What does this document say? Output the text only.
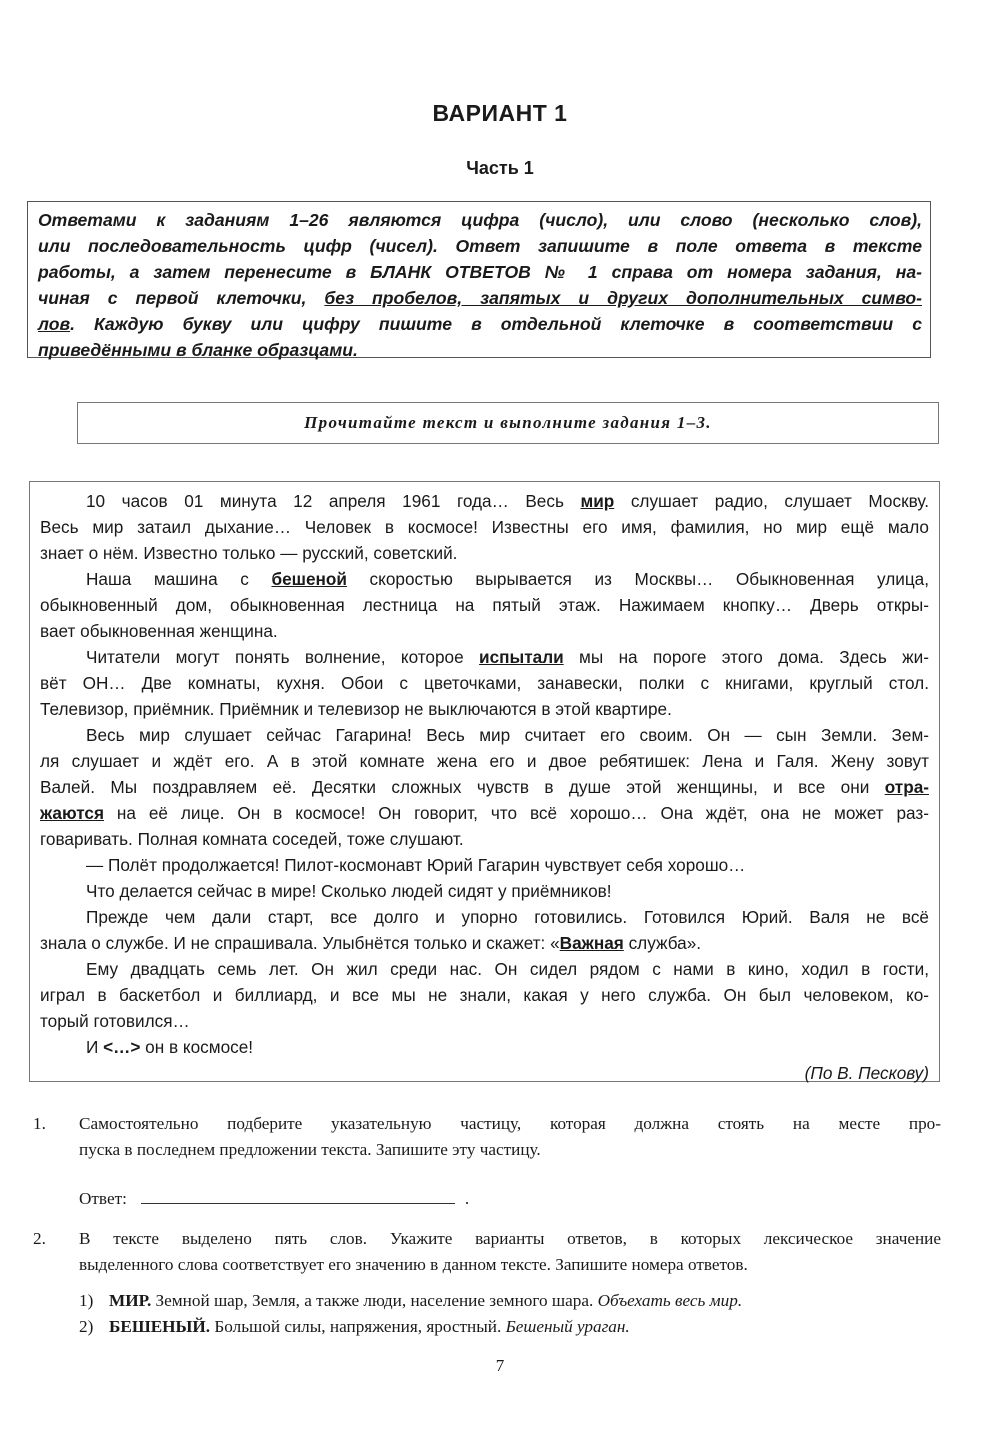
ВАРИАНТ 1
Часть 1
Ответами к заданиям 1–26 являются цифра (число), или слово (несколько слов),
или последовательность цифр (чисел). Ответ запишите в поле ответа в тексте
работы, а затем перенесите в БЛАНК ОТВЕТОВ № 1 справа от номера задания, на-
чиная с первой клеточки, без пробелов, запятых и других дополнительных симво-
лов. Каждую букву или цифру пишите в отдельной клеточке в соответствии с
приведёнными в бланке образцами.
Прочитайте текст и выполните задания 1–3.
10 часов 01 минута 12 апреля 1961 года… Весь мир слушает радио, слушает Москву.
Весь мир затаил дыхание… Человек в космосе! Известны его имя, фамилия, но мир ещё мало
знает о нём. Известно только — русский, советский.
Наша машина с бешеной скоростью вырывается из Москвы… Обыкновенная улица,
обыкновенный дом, обыкновенная лестница на пятый этаж. Нажимаем кнопку… Дверь откры-
вает обыкновенная женщина.
Читатели могут понять волнение, которое испытали мы на пороге этого дома. Здесь жи-
вёт ОН… Две комнаты, кухня. Обои с цветочками, занавески, полки с книгами, круглый стол.
Телевизор, приёмник. Приёмник и телевизор не выключаются в этой квартире.
Весь мир слушает сейчас Гагарина! Весь мир считает его своим. Он — сын Земли. Зем-
ля слушает и ждёт его. А в этой комнате жена его и двое ребятишек: Лена и Галя. Жену зовут
Валей. Мы поздравляем её. Десятки сложных чувств в душе этой женщины, и все они отра-
жаются на её лице. Он в космосе! Он говорит, что всё хорошо… Она ждёт, она не может раз-
говаривать. Полная комната соседей, тоже слушают.
— Полёт продолжается! Пилот-космонавт Юрий Гагарин чувствует себя хорошо…
Что делается сейчас в мире! Сколько людей сидят у приёмников!
Прежде чем дали старт, все долго и упорно готовились. Готовился Юрий. Валя не всё
знала о службе. И не спрашивала. Улыбнётся только и скажет: «Важная служба».
Ему двадцать семь лет. Он жил среди нас. Он сидел рядом с нами в кино, ходил в гости,
играл в баскетбол и биллиард, и все мы не знали, какая у него служба. Он был человеком, ко-
торый готовился…
И <…> он в космосе!
(По В. Пескову)
1. Самостоятельно подберите указательную частицу, которая должна стоять на месте про-
пуска в последнем предложении текста. Запишите эту частицу.
Ответ:	.
2. В тексте выделено пять слов. Укажите варианты ответов, в которых лексическое значение
выделенного слова соответствует его значению в данном тексте. Запишите номера ответов.
1) МИР. Земной шар, Земля, а также люди, население земного шара. Объехать весь мир.
2) БЕШЕНЫЙ. Большой силы, напряжения, яростный. Бешеный ураган.
7
